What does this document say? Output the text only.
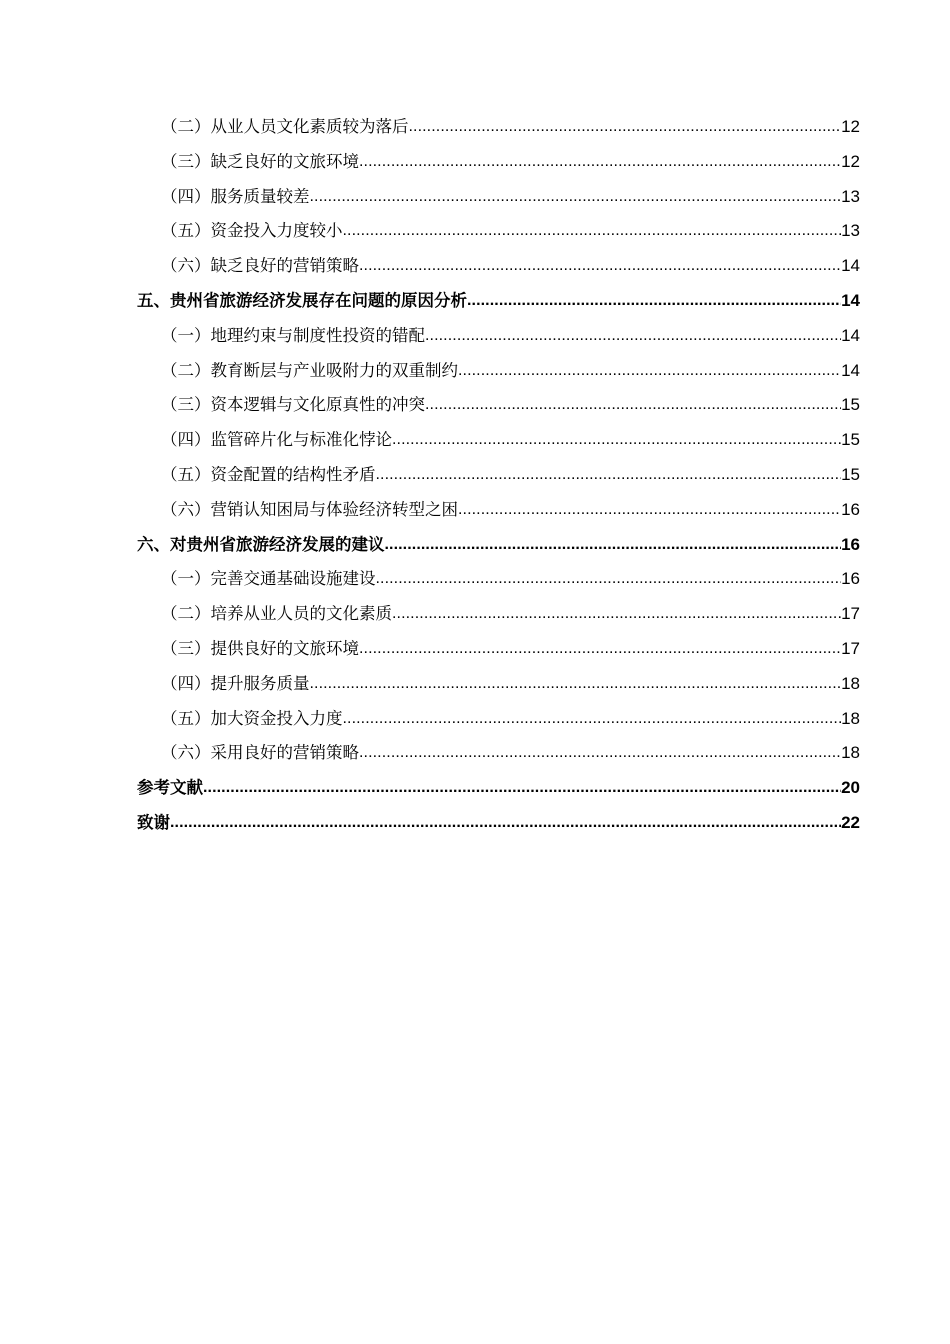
（二）从业人员文化素质较为落后 .....	12
（三）缺乏良好的文旅环境 .....	12
（四）服务质量较差 .....	13
（五）资金投入力度较小 .....	13
（六）缺乏良好的营销策略 .....	14
五、贵州省旅游经济发展存在问题的原因分析 .....	14
（一）地理约束与制度性投资的错配 .....	14
（二）教育断层与产业吸附力的双重制约 .....	14
（三）资本逻辑与文化原真性的冲突 .....	15
（四）监管碎片化与标准化悖论 .....	15
（五）资金配置的结构性矛盾 .....	15
（六）营销认知困局与体验经济转型之困 .....	16
六、对贵州省旅游经济发展的建议 .....	16
（一）完善交通基础设施建设 .....	16
（二）培养从业人员的文化素质 .....	17
（三）提供良好的文旅环境 .....	17
（四）提升服务质量 .....	18
（五）加大资金投入力度 .....	18
（六）采用良好的营销策略 .....	18
参考文献 .....	20
致谢 .....	22
